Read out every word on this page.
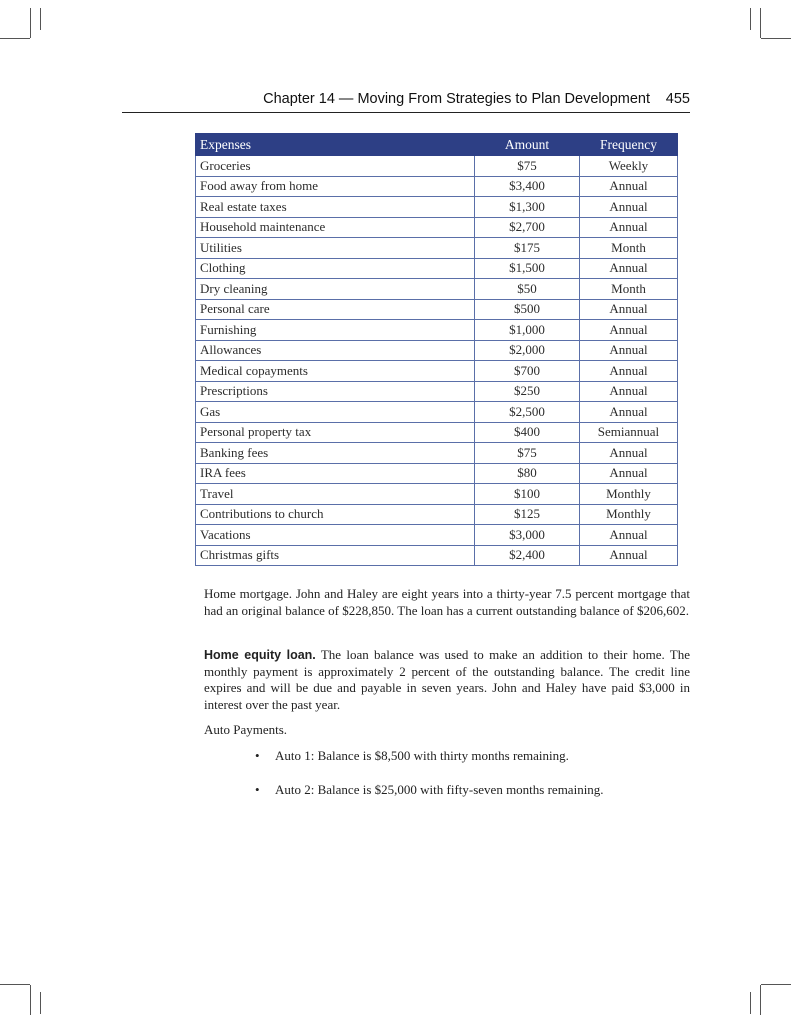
Chapter 14 — Moving From Strategies to Plan Development 455
Expenses	Amount	Frequency
Groceries	$75	Weekly
Food away from home	$3,400	Annual
Real estate taxes	$1,300	Annual
Household maintenance	$2,700	Annual
Utilities	$175	Month
Clothing	$1,500	Annual
Dry cleaning	$50	Month
Personal care	$500	Annual
Furnishing	$1,000	Annual
Allowances	$2,000	Annual
Medical copayments	$700	Annual
Prescriptions	$250	Annual
Gas	$2,500	Annual
Personal property tax	$400	Semiannual
Banking fees	$75	Annual
IRA fees	$80	Annual
Travel	$100	Monthly
Contributions to church	$125	Monthly
Vacations	$3,000	Annual
Christmas gifts	$2,400	Annual

Home mortgage. John and Haley are eight years into a thirty-year 7.5 percent mortgage that had an original balance of $228,850. The loan has a current outstanding balance of $206,602.

Home equity loan. The loan balance was used to make an addition to their home. The monthly payment is approximately 2 percent of the outstanding balance. The credit line expires and will be due and payable in seven years. John and Haley have paid $3,000 in interest over the past year.

Auto Payments.

• Auto 1: Balance is $8,500 with thirty months remaining.
• Auto 2: Balance is $25,000 with fifty-seven months remaining.
